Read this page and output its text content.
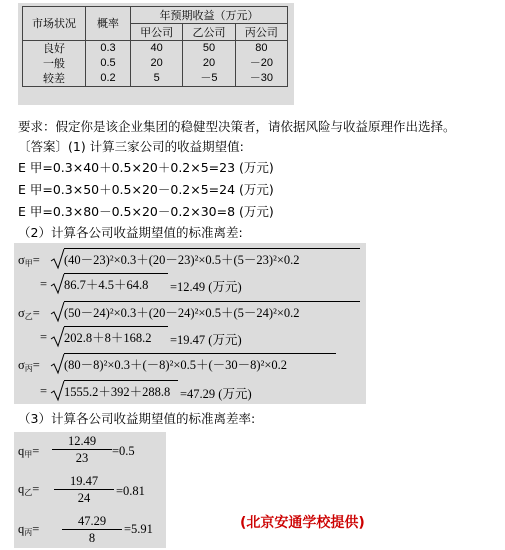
市场状况	概率	年预期收益（万元）		
		甲公司	乙公司	丙公司
良好	0.3	40	50	80
一般	0.5	20	20	－20
较差	0.2	5	－5	－30
要求：假定你是该企业集团的稳健型决策者，请依据风险与收益原理作出选择。
〔答案〕(1) 计算三家公司的收益期望值:
E 甲=0.3×40＋0.5×20＋0.2×5=23 (万元)
E 甲=0.3×50＋0.5×20－0.2×5=24 (万元)
E 甲=0.3×80－0.5×20－0.2×30=8 (万元)
（2）计算各公司收益期望值的标准离差:
$\sigma_甲= (40-23)^2\times 0.3+(20-23)^2\times 0.5+(5-23)^2\times 0.2$
= 86.7＋4.5＋64.8	=12.49 (万元)
$\sigma_乙= (50-24)^2\times 0.3+(20-24)^2\times 0.5+(5-24)^2\times 0.2$
= 202.8＋8＋168.2	=19.47 (万元)
$\sigma_丙= (80-8)^2\times 0.3+(-8)^2\times 0.5+(-30-8)^2\times 0.2$
= 1555.2＋392＋288.8 =47.29 (万元)
（3）计算各公司收益期望值的标准离差率:
$q_甲= \frac{12.49}{23} =0.5$
$q_乙= \frac{19.47}{24} =0.81$
$q_丙= \frac{47.29}{8} =5.91$	(北京安通学校提供)
